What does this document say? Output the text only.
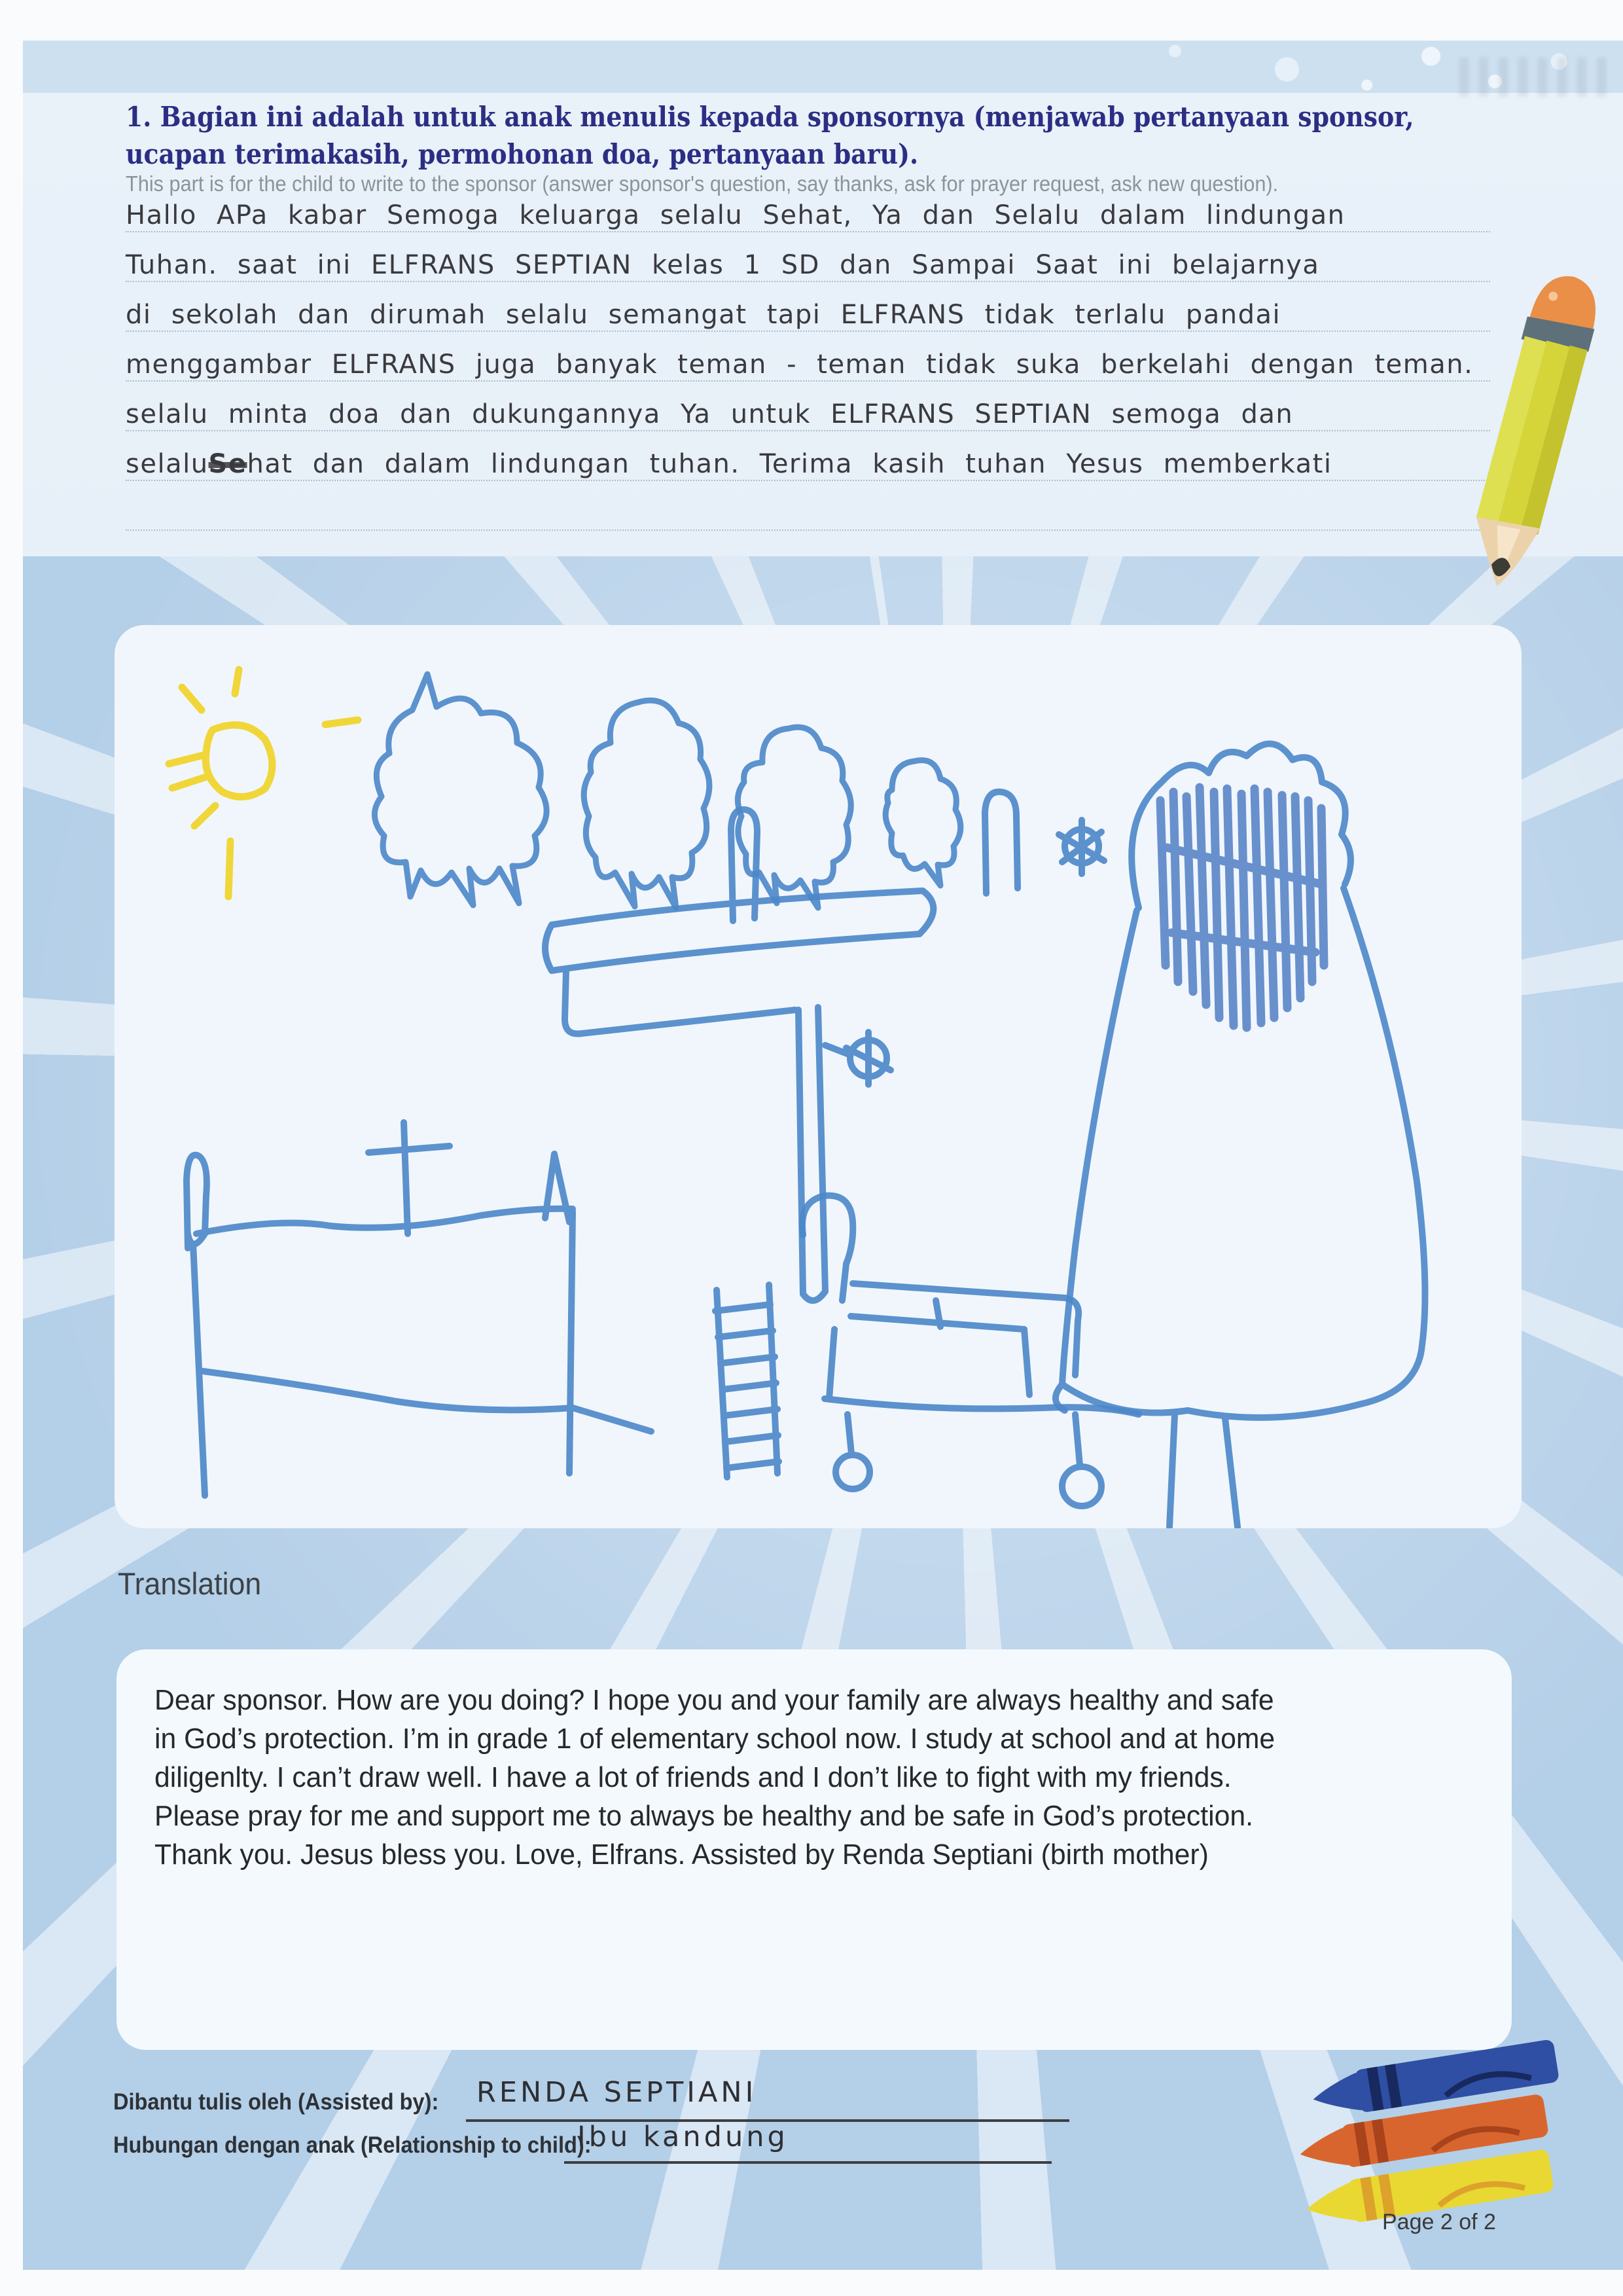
1. Bagian ini adalah untuk anak menulis kepada sponsornya (menjawab pertanyaan sponsor, ucapan terimakasih, permohonan doa, pertanyaan baru).
This part is for the child to write to the sponsor (answer sponsor's question, say thanks, ask for prayer request, ask new question).
Hallo APa kabar Semoga keluarga selalu Sehat, Ya dan Selalu dalam lindungan
Tuhan. saat ini ELFRANS SEPTIAN kelas 1 SD dan Sampai Saat ini belajarnya
di sekolah dan dirumah selalu semangat tapi ELFRANS tidak terlalu pandai
menggambar ELFRANS juga banyak teman - teman tidak suka berkelahi dengan teman.
selalu minta doa dan dukungannya Ya untuk ELFRANS SEPTIAN semoga dan
selalu Se hat dan dalam lindungan tuhan. Terima kasih tuhan Yesus memberkati
Translation
Dear sponsor. How are you doing? I hope you and your family are always healthy and safe
in God’s protection. I’m in grade 1 of elementary school now. I study at school and at home
diligenlty. I can’t draw well. I have a lot of friends and I don’t like to fight with my friends.
Please pray for me and support me to always be healthy and be safe in God’s protection.
Thank you. Jesus bless you. Love, Elfrans. Assisted by Renda Septiani (birth mother)
Dibantu tulis oleh (Assisted by): RENDA SEPTIANI
Hubungan dengan anak (Relationship to child):
Ibu kandung
Page 2 of 2
